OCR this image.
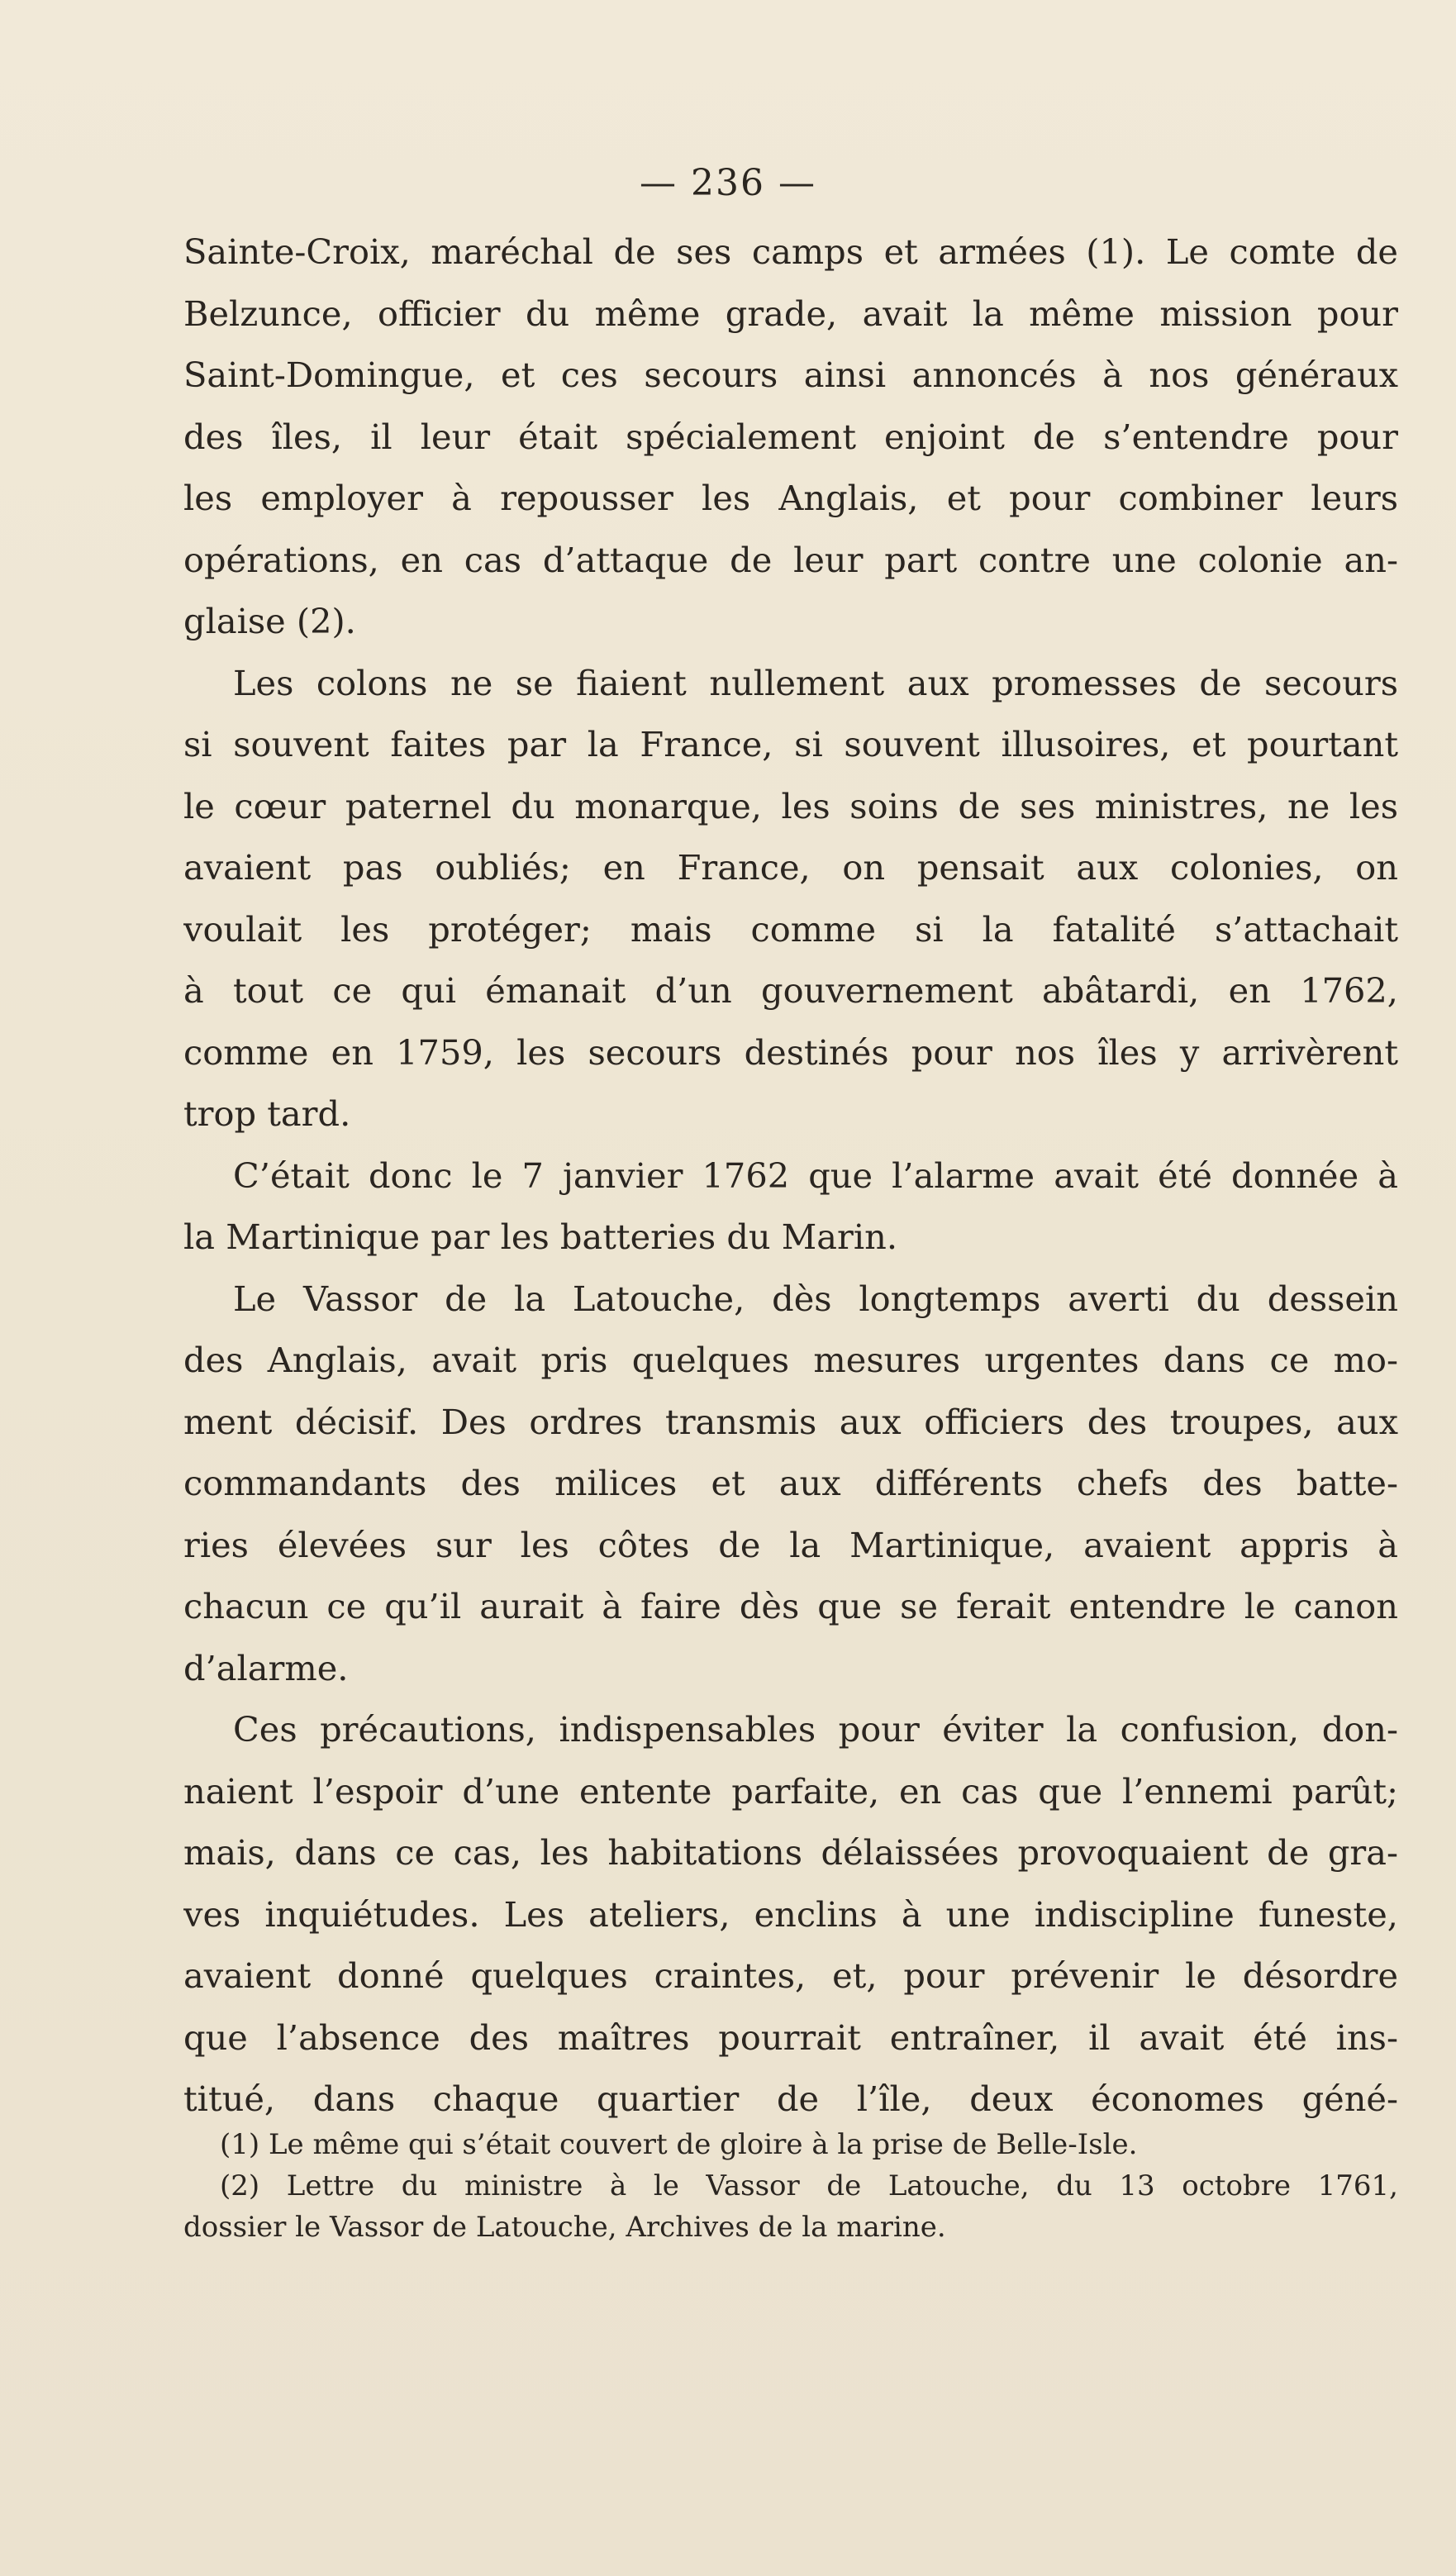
— 236 —
Sainte-Croix, maréchal de ses camps et armées (1). Le comte de
Belzunce, officier du même grade, avait la même mission pour
Saint-Domingue, et ces secours ainsi annoncés à nos généraux
des îles, il leur était spécialement enjoint de s’entendre pour
les employer à repousser les Anglais, et pour combiner leurs
opérations, en cas d’attaque de leur part contre une colonie an-
glaise (2).
Les colons ne se fiaient nullement aux promesses de secours
si souvent faites par la France, si souvent illusoires, et pourtant
le cœur paternel du monarque, les soins de ses ministres, ne les
avaient pas oubliés; en France, on pensait aux colonies, on
voulait les protéger; mais comme si la fatalité s’attachait
à tout ce qui émanait d’un gouvernement abâtardi, en 1762,
comme en 1759, les secours destinés pour nos îles y arrivèrent
trop tard.
C’était donc le 7 janvier 1762 que l’alarme avait été donnée à
la Martinique par les batteries du Marin.
Le Vassor de la Latouche, dès longtemps averti du dessein
des Anglais, avait pris quelques mesures urgentes dans ce mo-
ment décisif. Des ordres transmis aux officiers des troupes, aux
commandants des milices et aux différents chefs des batte-
ries élevées sur les côtes de la Martinique, avaient appris à
chacun ce qu’il aurait à faire dès que se ferait entendre le canon
d’alarme.
Ces précautions, indispensables pour éviter la confusion, don-
naient l’espoir d’une entente parfaite, en cas que l’ennemi parût;
mais, dans ce cas, les habitations délaissées provoquaient de gra-
ves inquiétudes. Les ateliers, enclins à une indiscipline funeste,
avaient donné quelques craintes, et, pour prévenir le désordre
que l’absence des maîtres pourrait entraîner, il avait été ins-
titué, dans chaque quartier de l’île, deux économes géné-
(1) Le même qui s’était couvert de gloire à la prise de Belle-Isle.
(2) Lettre du ministre à le Vassor de Latouche, du 13 octobre 1761,
dossier le Vassor de Latouche, Archives de la marine.
